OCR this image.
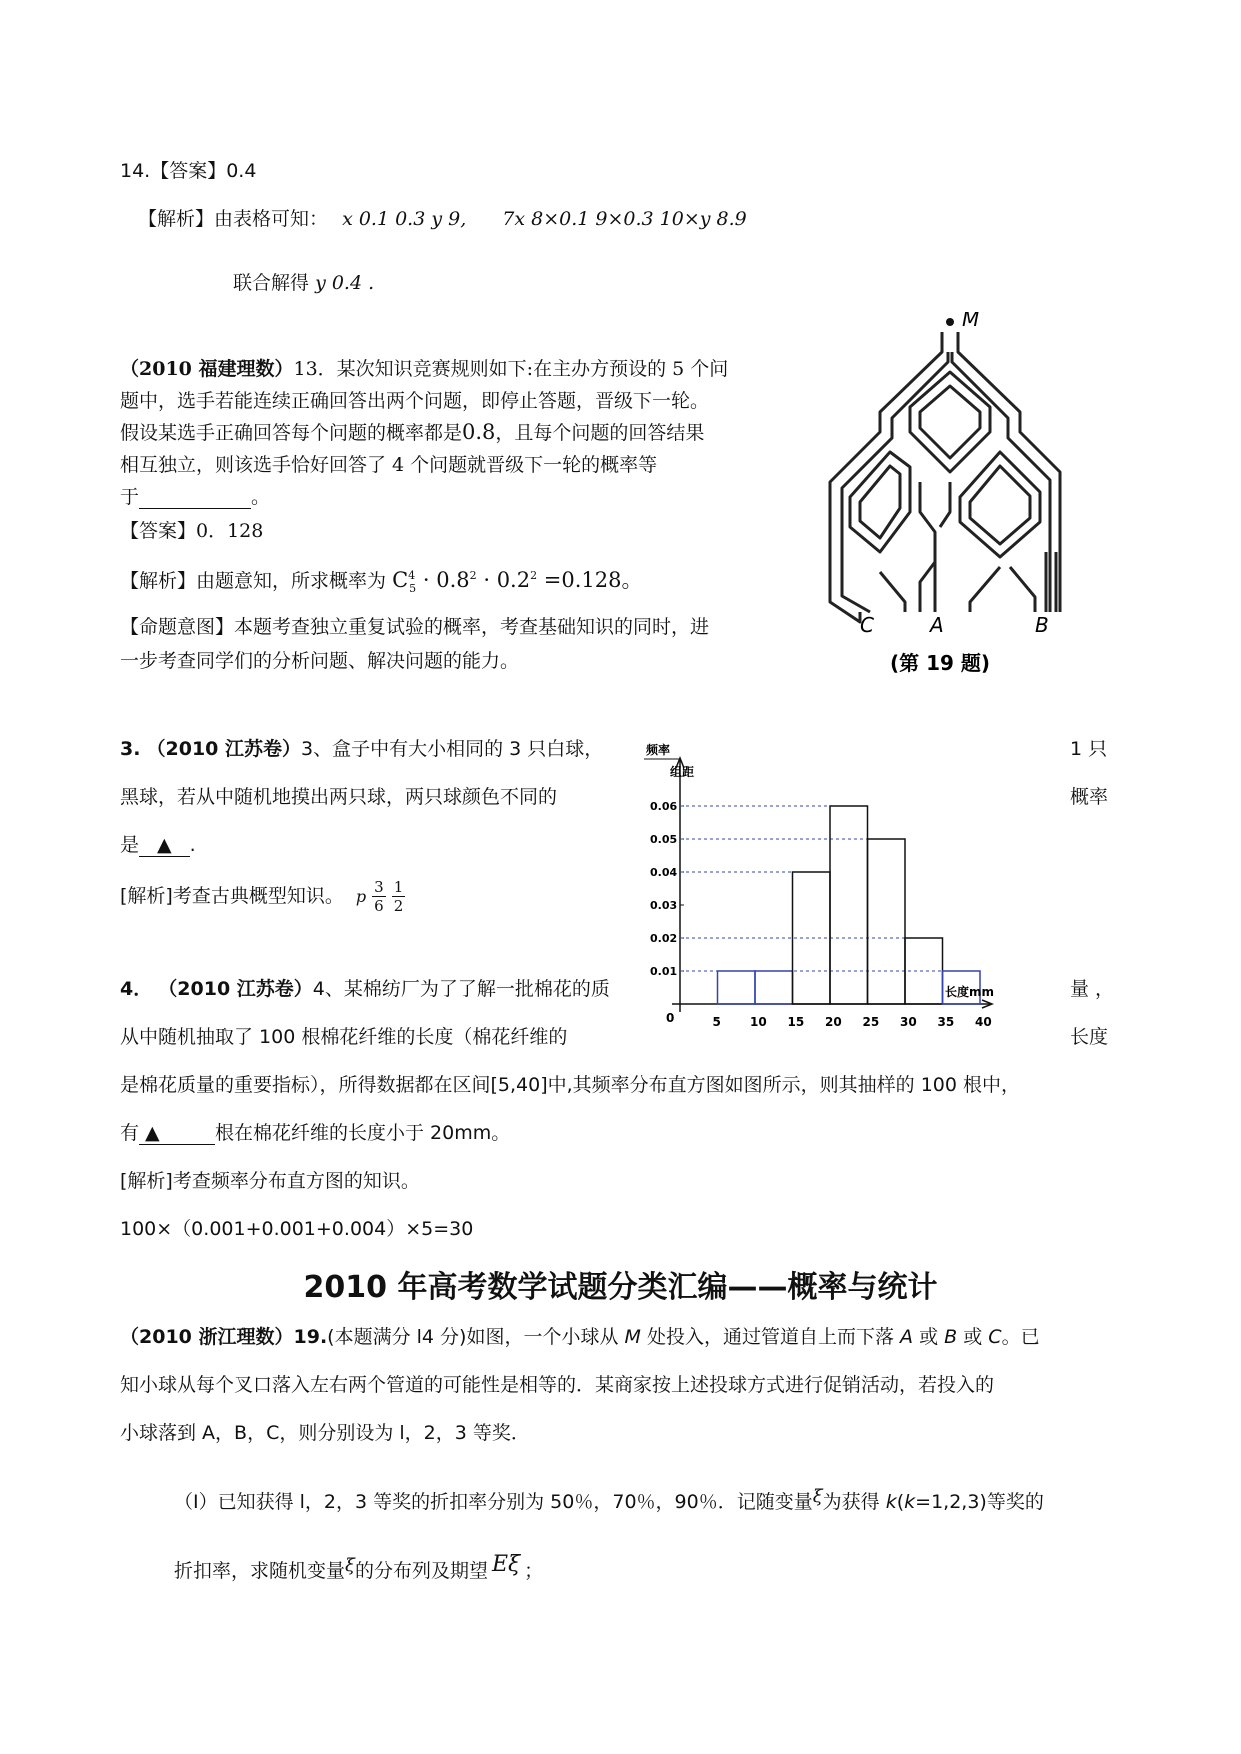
14.【答案】0.4
【解析】由表格可知： x 0.1 0.3 y 9, 7x 8×0.1 9×0.3 10×y 8.9
联合解得 y 0.4 .
（2010 福建理数）13．某次知识竞赛规则如下:在主办方预设的 5 个问
题中，选手若能连续正确回答出两个问题，即停止答题，晋级下一轮。
假设某选手正确回答每个问题的概率都是0.8，且每个问题的回答结果
相互独立，则该选手恰好回答了 4 个问题就晋级下一轮的概率等
于	。
【答案】0．128
【解析】由题意知，所求概率为 $C^4_5 \cdot 0.8^2 \cdot 0.2^2 =0.128$。
【命题意图】本题考查独立重复试验的概率，考查基础知识的同时，进
一步考查同学们的分析问题、解决问题的能力。
M
C	A	B
(第 19 题)
3. （2010 江苏卷）3、盒子中有大小相同的 3 只白球，	1 只
黑球，若从中随机地摸出两只球，两只球颜色不同的	概率
是 ▲ .
[解析]考查古典概型知识。 p $\frac{3}{6}$
$\frac{1}{2}$
频率
组距
0.01
0.02
0.03
0.04
0.05
0.06
5 10 15 20 25 30 35 40
0
长度mm
4． （2010 江苏卷）4、某棉纺厂为了了解一批棉花的质	量 ，
从中随机抽取了 100 根棉花纤维的长度（棉花纤维的	长度
是棉花质量的重要指标），所得数据都在区间[5,40]中,其频率分布直方图如图所示，则其抽样的 100 根中，
有 ▲	根在棉花纤维的长度小于 20mm。
[解析]考查频率分布直方图的知识。
100×（0.001+0.001+0.004）×5=30
2010 年高考数学试题分类汇编——概率与统计
（2010 浙江理数）19.(本题满分 l4 分)如图，一个小球从 M 处投入，通过管道自上而下落 A 或 B 或 C。已
知小球从每个叉口落入左右两个管道的可能性是相等的．某商家按上述投球方式进行促销活动，若投入的
小球落到 A，B，C，则分别设为 l，2，3 等奖．
（Ⅰ）已知获得 l，2，3 等奖的折扣率分别为 50％，70％，90％．记随变量ξ为获得 k(k=1,2,3)等奖的
折扣率，求随机变量ξ的分布列及期望 Eξ ；
